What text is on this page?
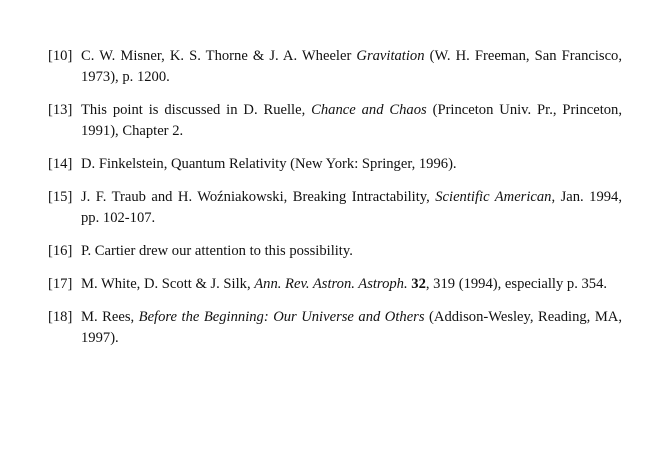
[10] C. W. Misner, K. S. Thorne & J. A. Wheeler Gravitation (W. H. Freeman, San Francisco, 1973), p. 1200.
[13] This point is discussed in D. Ruelle, Chance and Chaos (Princeton Univ. Pr., Princeton, 1991), Chapter 2.
[14] D. Finkelstein, Quantum Relativity (New York: Springer, 1996).
[15] J. F. Traub and H. Woźniakowski, Breaking Intractability, Scientific American, Jan. 1994, pp. 102-107.
[16] P. Cartier drew our attention to this possibility.
[17] M. White, D. Scott & J. Silk, Ann. Rev. Astron. Astroph. 32, 319 (1994), especially p. 354.
[18] M. Rees, Before the Beginning: Our Universe and Others (Addison-Wesley, Reading, MA, 1997).
